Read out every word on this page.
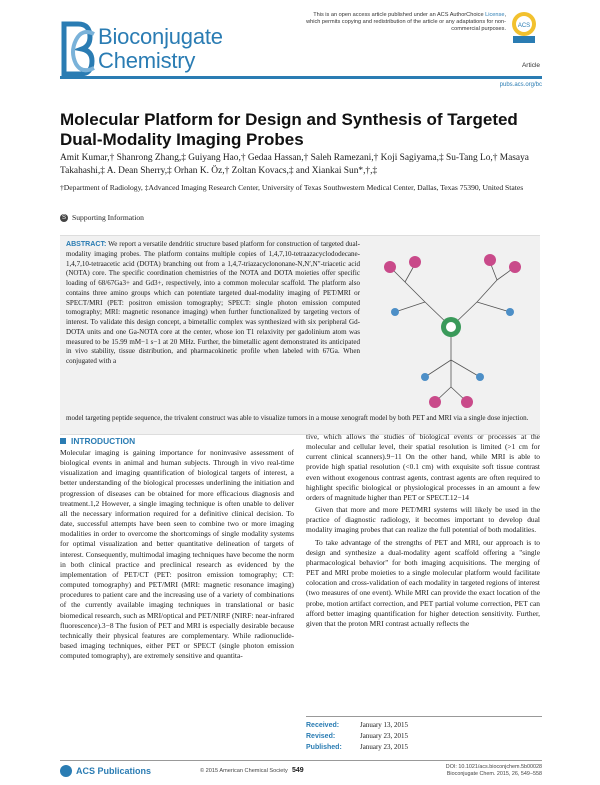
Bioconjugate
Chemistry
This is an open access article published under an ACS AuthorChoice License, which permits copying and redistribution of the article or any adaptations for non-commercial purposes. ACS
Article
pubs.acs.org/bc
Molecular Platform for Design and Synthesis of Targeted Dual-Modality Imaging Probes
Amit Kumar,† Shanrong Zhang,‡ Guiyang Hao,† Gedaa Hassan,† Saleh Ramezani,† Koji Sagiyama,‡ Su-Tang Lo,† Masaya Takahashi,‡ A. Dean Sherry,‡ Orhan K. Öz,† Zoltan Kovacs,‡ and Xiankai Sun*,†,‡
†Department of Radiology, ‡Advanced Imaging Research Center, University of Texas Southwestern Medical Center, Dallas, Texas 75390, United States
S Supporting Information
ABSTRACT: We report a versatile dendritic structure based platform for construction of targeted dual-modality imaging probes. The platform contains multiple copies of 1,4,7,10-tetraazacyclododecane-1,4,7,10-tetraacetic acid (DOTA) branching out from a 1,4,7-triazacyclononane-N,N′,N″-triacetic acid (NOTA) core. The specific coordination chemistries of the NOTA and DOTA moieties offer specific loading of 68/67Ga3+ and Gd3+, respectively, into a common molecular scaffold. The platform also contains three amino groups which can potentiate targeted dual-modality imaging of PET/MRI or SPECT/MRI (PET: positron emission tomography; SPECT: single photon emission computed tomography; MRI: magnetic resonance imaging) when further functionalized by targeting vectors of interest. To validate this design concept, a bimetallic complex was synthesized with six peripheral Gd-DOTA units and one Ga-NOTA core at the center, whose ion T1 relaxivity per gadolinium atom was measured to be 15.99 mM−1 s−1 at 20 MHz. Further, the bimetallic agent demonstrated its anticipated in vivo stability, tissue distribution, and pharmacokinetic profile when labeled with 67Ga. When conjugated with a
model targeting peptide sequence, the trivalent construct was able to visualize tumors in a mouse xenograft model by both PET and MRI via a single dose injection.
INTRODUCTION

Molecular imaging is gaining importance for noninvasive assessment of biological events in animal and human subjects. Through in vivo real-time visualization and imaging quantification of biological targets of interest, a better understanding of the biological processes underlining the initiation and progression of diseases can be obtained for more efficacious diagnosis and treatment.1,2 However, a single imaging technique is often unable to deliver all the necessary information required for a definitive clinical decision. To date, successful attempts have been seen to combine two or more imaging modalities in order to overcome the shortcomings of single modality systems for optimal visualization and better quantitative delineation of targets of interest. Consequently, multimodal imaging techniques have become the norm in both clinical practice and preclinical research as evidenced by the implementation of PET/CT (PET: positron emission tomography; CT: computed tomography) and PET/MRI (MRI: magnetic resonance imaging) procedures to patient care and the increasing use of a variety of combinations of the currently available imaging techniques in translational or basic biomedical research, such as MRI/optical and PET/NIRF (NIRF: near-infrared fluorescence).3−8 The fusion of PET and MRI is especially desirable because technically their physical features are complementary. While radionuclide-based imaging techniques, either PET or SPECT (single photon emission computed tomography), are extremely sensitive and quantita-

tive, which allows the studies of biological events or processes at the molecular and cellular level, their spatial resolution is limited (>1 cm for current clinical scanners).9−11 On the other hand, while MRI is able to provide high spatial resolution (<0.1 cm) with exquisite soft tissue contrast even without exogenous contrast agents, contrast agents are often required to highlight specific biological or physiological processes in an amount a few orders of magnitude higher than PET or SPECT.12−14

Given that more and more PET/MRI systems will likely be used in the practice of diagnostic radiology, it becomes important to develop dual modality imaging probes that can realize the full potential of both modalities.

To take advantage of the strengths of PET and MRI, our approach is to design and synthesize a dual-modality agent scaffold offering a "single pharmacological behavior" for both imaging acquisitions. The merging of PET and MRI probe moieties to a single molecular platform would facilitate colocation and cross-validation of each modality in targeted regions of interest (two measures of one event). While MRI can provide the exact location of the probe, motion artifact correction, and PET partial volume correction, PET can afford better imaging quantification for higher detection sensitivity. Further, given that the proton MRI contrast actually reflects the

Received:	January 13, 2015
Revised:	January 23, 2015
Published:	January 23, 2015
ACS Publications	© 2015 American Chemical Society 549	DOI: 10.1021/acs.bioconjchem.5b00028
Bioconjugate Chem. 2015, 26, 549−558
